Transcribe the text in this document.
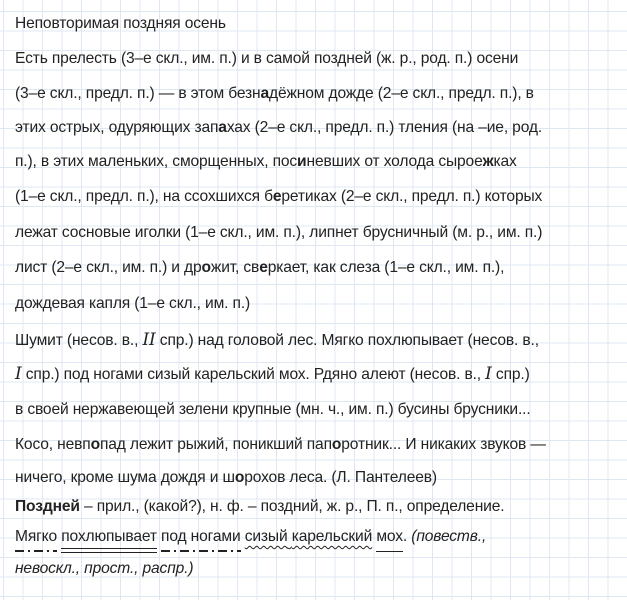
Неповторимая поздняя осень
Есть прелесть (3‒е скл., им. п.) и в самой поздней (ж. р., род. п.) осени
(3‒е скл., предл. п.) — в этом безнадёжном дожде (2‒е скл., предл. п.), в
этих острых, одуряющих запахах (2‒е скл., предл. п.) тления (на ‒ие, род.
п.), в этих маленьких, сморщенных, посиневших от холода сыроежках
(1‒е скл., предл. п.), на ссохшихся беретиках (2‒е скл., предл. п.) которых
лежат сосновые иголки (1‒е скл., им. п.), липнет брусничный (м. р., им. п.)
лист (2‒е скл., им. п.) и дрожит, сверкает, как слеза (1‒е скл., им. п.),
дождевая капля (1‒е скл., им. п.)
Шумит (несов. в., II спр.) над головой лес. Мягко похлюпывает (несов. в.,
I спр.) под ногами сизый карельский мох. Рдяно алеют (несов. в., I спр.)
в своей нержавеющей зелени крупные (мн. ч., им. п.) бусины брусники...
Косо, невпопад лежит рыжий, поникший папоротник... И никаких звуков —
ничего, кроме шума дождя и шорохов леса. (Л. Пантелеев)
Поздней ‒ прил., (какой?), н. ф. ‒ поздний, ж. р., П. п., определение.
Мягко похлюпывает под ногами сизый карельский мох. (повеств.,
невоскл., прост., распр.)
